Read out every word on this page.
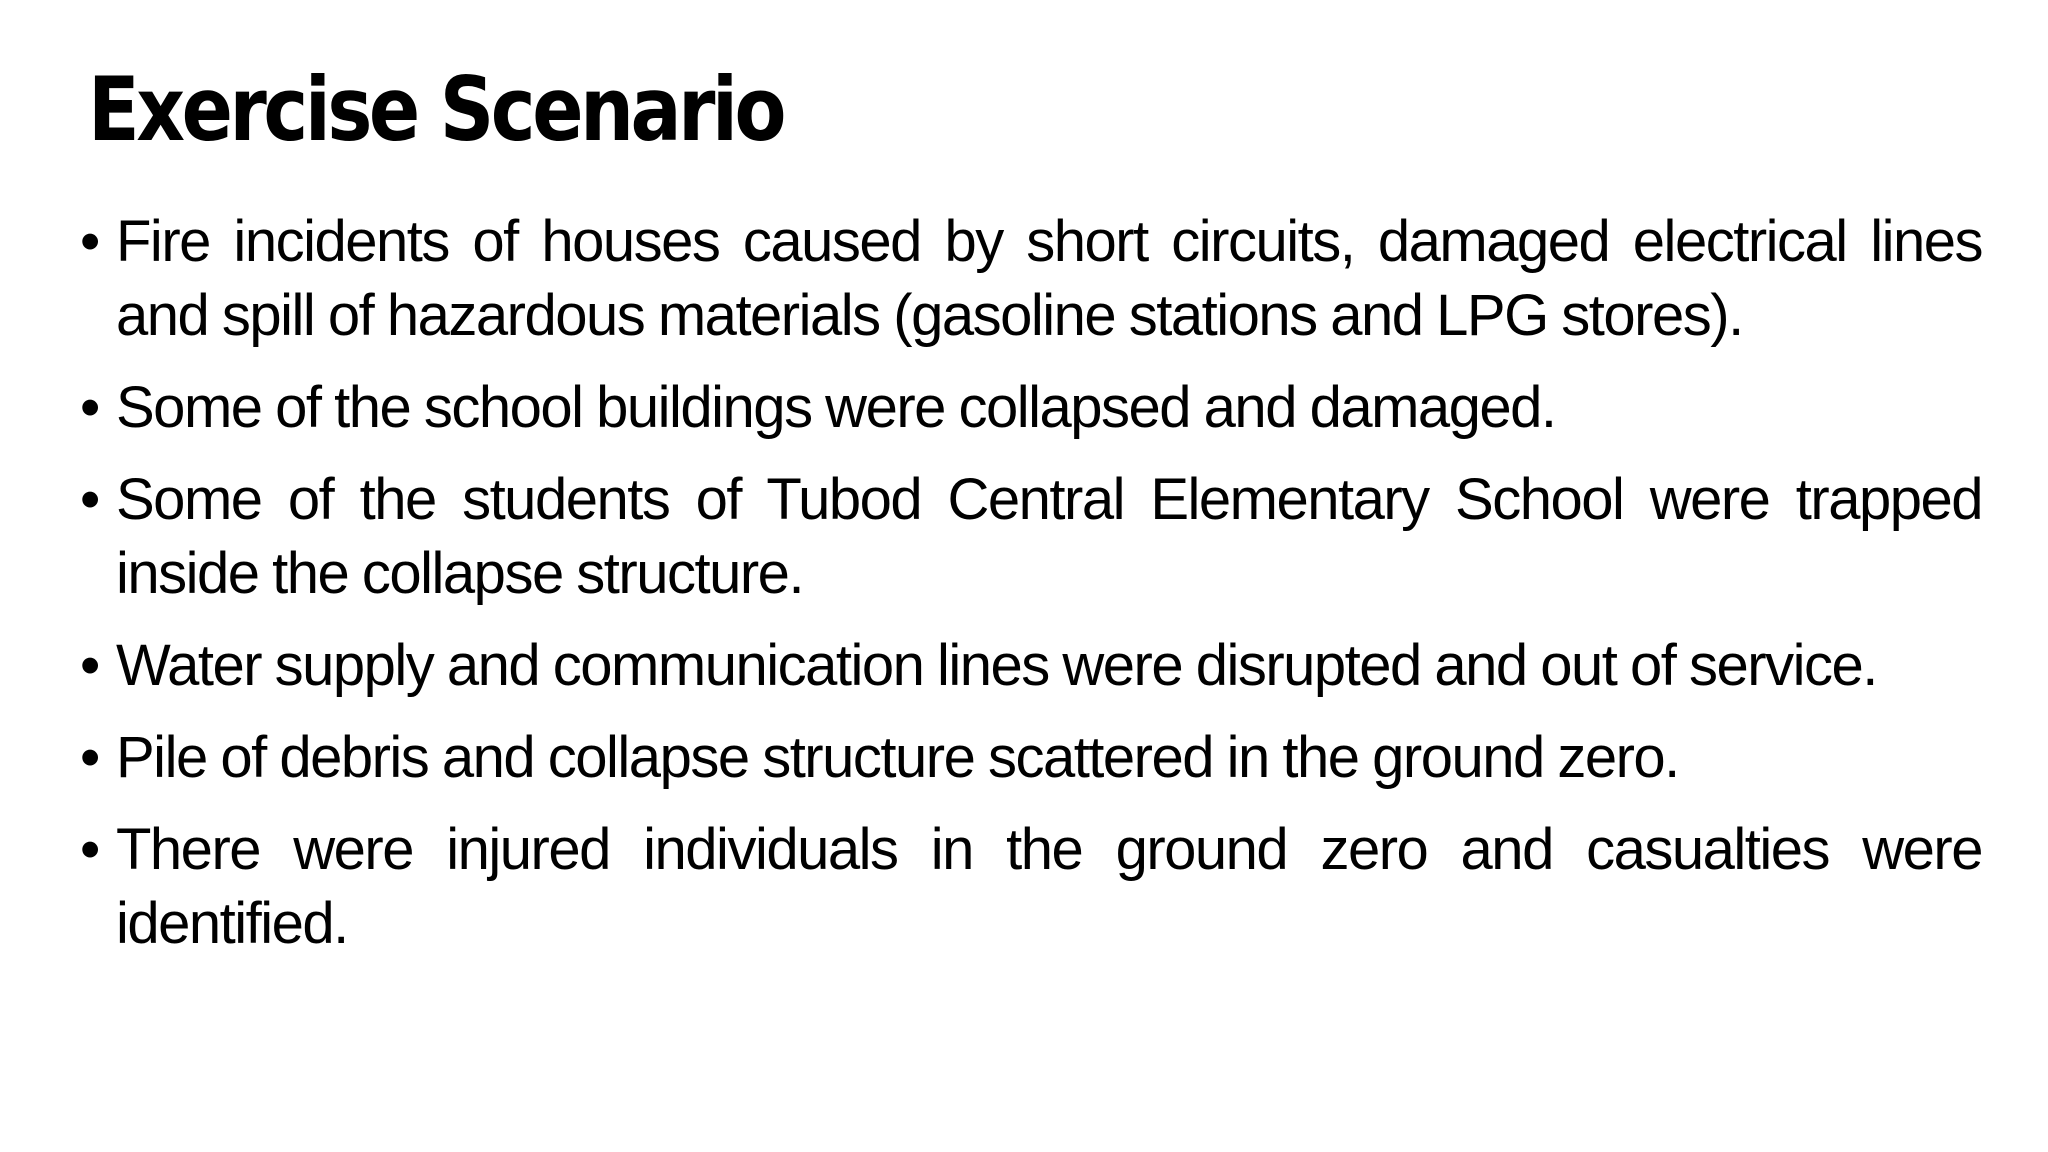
Exercise Scenario
• Fire incidents of houses caused by short circuits, damaged electrical lines and spill of hazardous materials (gasoline stations and LPG stores).
• Some of the school buildings were collapsed and damaged.
• Some of the students of Tubod Central Elementary School were trapped inside the collapse structure.
• Water supply and communication lines were disrupted and out of service.
• Pile of debris and collapse structure scattered in the ground zero.
• There were injured individuals in the ground zero and casualties were identified.
